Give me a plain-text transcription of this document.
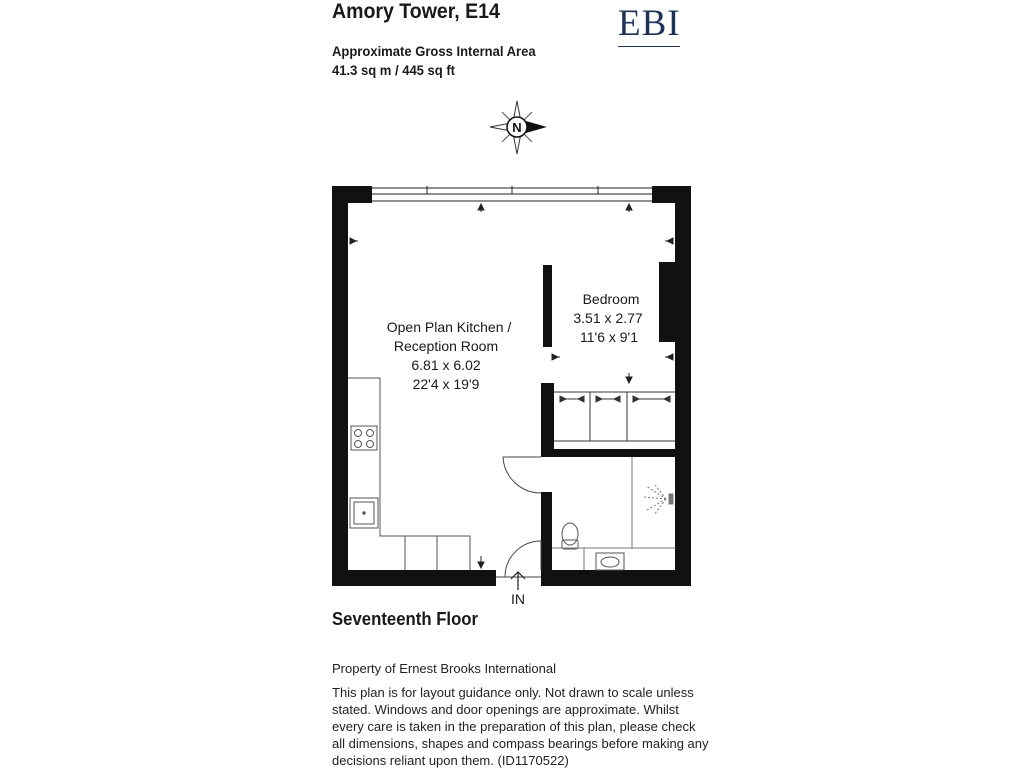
Amory Tower, E14
Approximate Gross Internal Area
41.3 sq m / 445 sq ft
EBI
N
IN
Open Plan Kitchen /
Reception Room
6.81 x 6.02
22'4 x 19'9
Bedroom
3.51 x 2.77
11'6 x 9'1
Seventeenth Floor
Property of Ernest Brooks International
This plan is for layout guidance only. Not drawn to scale unless stated. Windows and door openings are approximate. Whilst every care is taken in the preparation of this plan, please check all dimensions, shapes and compass bearings before making any decisions reliant upon them. (ID1170522)
